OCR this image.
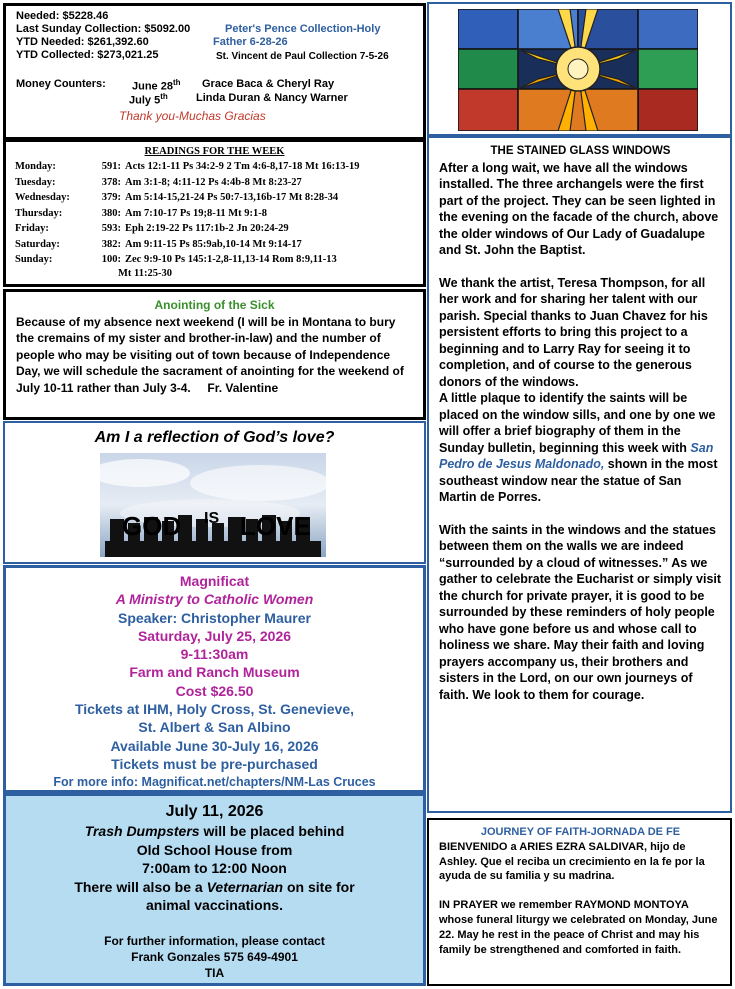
Needed: $5228.46
Last Sunday Collection: $5092.00
YTD Needed: $261,392.60
YTD Collected: $273,021.25
Peter's Pence Collection-Holy
Father 6-28-26
St. Vincent de Paul Collection 7-5-26
Money Counters: June 28th Grace Baca & Cheryl Ray
July 5th	Linda Duran & Nancy Warner
Thank you-Muchas Gracias
READINGS FOR THE WEEK
Monday:	591:	Acts 12:1-11 Ps 34:2-9 2 Tm 4:6-8,17-18 Mt 16:13-19
Tuesday:	378:	Am 3:1-8; 4:11-12 Ps 4:4b-8 Mt 8:23-27
Wednesday:	379:	Am 5:14-15,21-24 Ps 50:7-13,16b-17 Mt 8:28-34
Thursday:	380:	Am 7:10-17 Ps 19;8-11 Mt 9:1-8
Friday:	593:	Eph 2:19-22 Ps 117:1b-2 Jn 20:24-29
Saturday:	382:	Am 9:11-15 Ps 85:9ab,10-14 Mt 9:14-17
Sunday:	100:	Zec 9:9-10 Ps 145:1-2,8-11,13-14 Rom 8:9,11-13
Mt 11:25-30
Anointing of the Sick

Because of my absence next weekend (I will be in Montana to bury the cremains of my sister and brother-in-law) and the number of people who may be visiting out of town because of Independence Day, we will schedule the sacrament of anointing for the weekend of July 10-11 rather than July 3-4. Fr. Valentine

Am I a reflection of God’s love?
GOD IS LOVE
Magnificat
A Ministry to Catholic Women
Speaker: Christopher Maurer
Saturday, July 25, 2026
9-11:30am
Farm and Ranch Museum
Cost $26.50
Tickets at IHM, Holy Cross, St. Genevieve,
St. Albert & San Albino
Available June 30-July 16, 2026
Tickets must be pre-purchased
For more info: Magnificat.net/chapters/NM-Las Cruces
July 11, 2026
Trash Dumpsters will be placed behind
Old School House from
7:00am to 12:00 Noon
There will also be a Veternarian on site for
animal vaccinations.
For further information, please contact
Frank Gonzales 575 649-4901
TIA
THE STAINED GLASS WINDOWS

After a long wait, we have all the windows installed. The three archangels were the first part of the project. They can be seen lighted in the evening on the facade of the church, above the older windows of Our Lady of Guadalupe and St. John the Baptist.

We thank the artist, Teresa Thompson, for all her work and for sharing her talent with our parish. Special thanks to Juan Chavez for his persistent efforts to bring this project to a beginning and to Larry Ray for seeing it to completion, and of course to the generous donors of the windows.

A little plaque to identify the saints will be placed on the window sills, and one by one we will offer a brief biography of them in the Sunday bulletin, beginning this week with San Pedro de Jesus Maldonado, shown in the most southeast window near the statue of San Martin de Porres.

With the saints in the windows and the statues between them on the walls we are indeed “surrounded by a cloud of witnesses.” As we gather to celebrate the Eucharist or simply visit the church for private prayer, it is good to be surrounded by these reminders of holy people who have gone before us and whose call to holiness we share. May their faith and loving prayers accompany us, their brothers and sisters in the Lord, on our own journeys of faith. We look to them for courage.

JOURNEY OF FAITH-JORNADA DE FE

BIENVENIDO a ARIES EZRA SALDIVAR, hijo de Ashley. Que el reciba un crecimiento en la fe por la ayuda de su familia y su madrina.

IN PRAYER we remember RAYMOND MONTOYA whose funeral liturgy we celebrated on Monday, June 22. May he rest in the peace of Christ and may his family be strengthened and comforted in faith.
